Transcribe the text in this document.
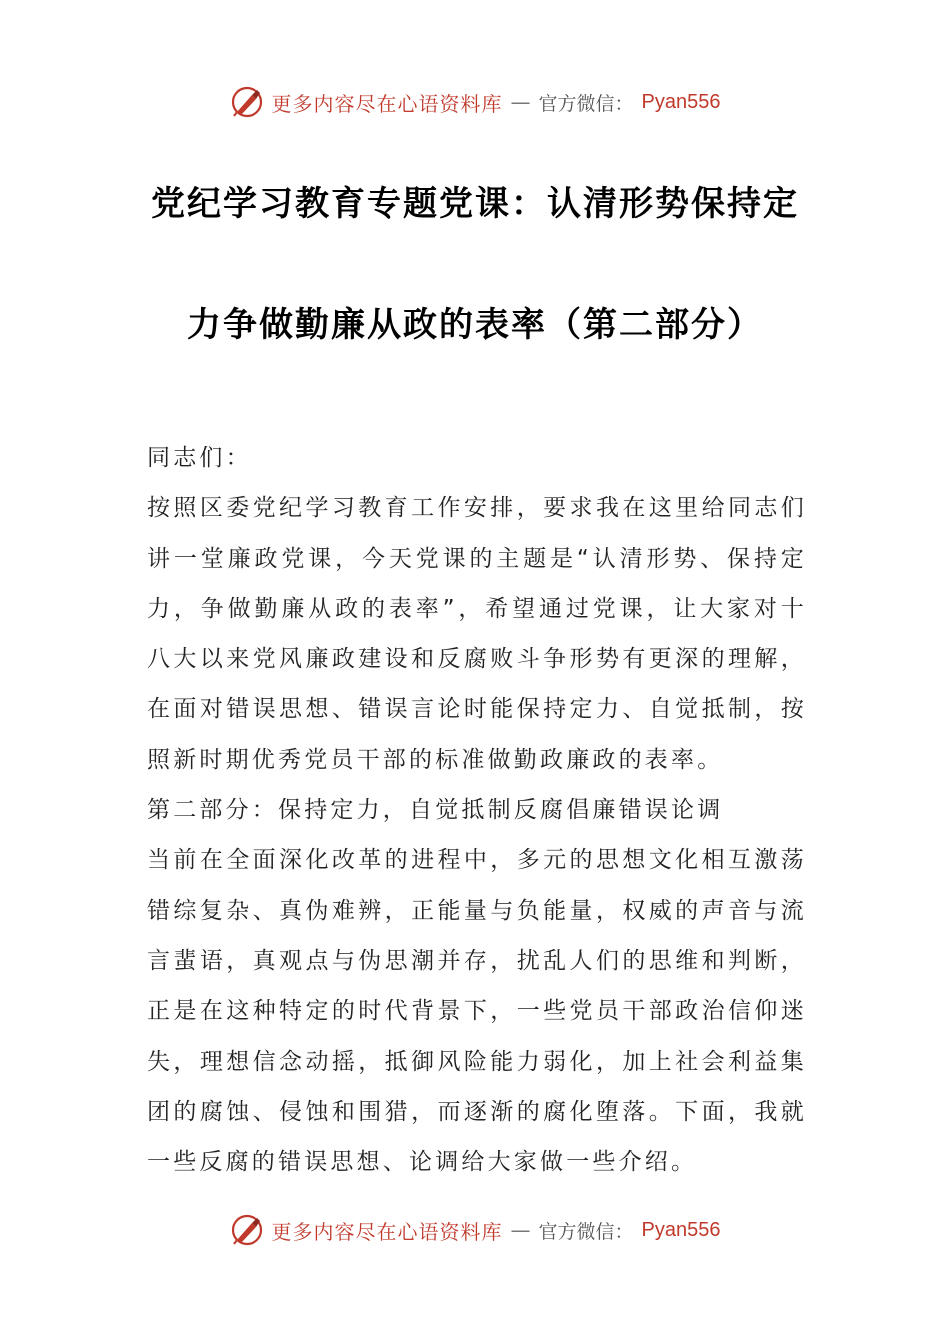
更多内容尽在心语资料库 — 官方微信： Pyan556
党纪学习教育专题党课：认清形势保持定
力争做勤廉从政的表率（第二部分）

同志们：

按照区委党纪学习教育工作安排，要求我在这里给同志们讲一堂廉政党课，今天党课的主题是“认清形势、保持定力，争做勤廉从政的表率”，希望通过党课，让大家对十八大以来党风廉政建设和反腐败斗争形势有更深的理解，在面对错误思想、错误言论时能保持定力、自觉抵制，按照新时期优秀党员干部的标准做勤政廉政的表率。

第二部分：保持定力，自觉抵制反腐倡廉错误论调

当前在全面深化改革的进程中，多元的思想文化相互激荡错综复杂、真伪难辨，正能量与负能量，权威的声音与流言蜚语，真观点与伪思潮并存，扰乱人们的思维和判断，正是在这种特定的时代背景下，一些党员干部政治信仰迷失，理想信念动摇，抵御风险能力弱化，加上社会利益集团的腐蚀、侵蚀和围猎，而逐渐的腐化堕落。下面，我就一些反腐的错误思想、论调给大家做一些介绍。

更多内容尽在心语资料库 — 官方微信： Pyan556
